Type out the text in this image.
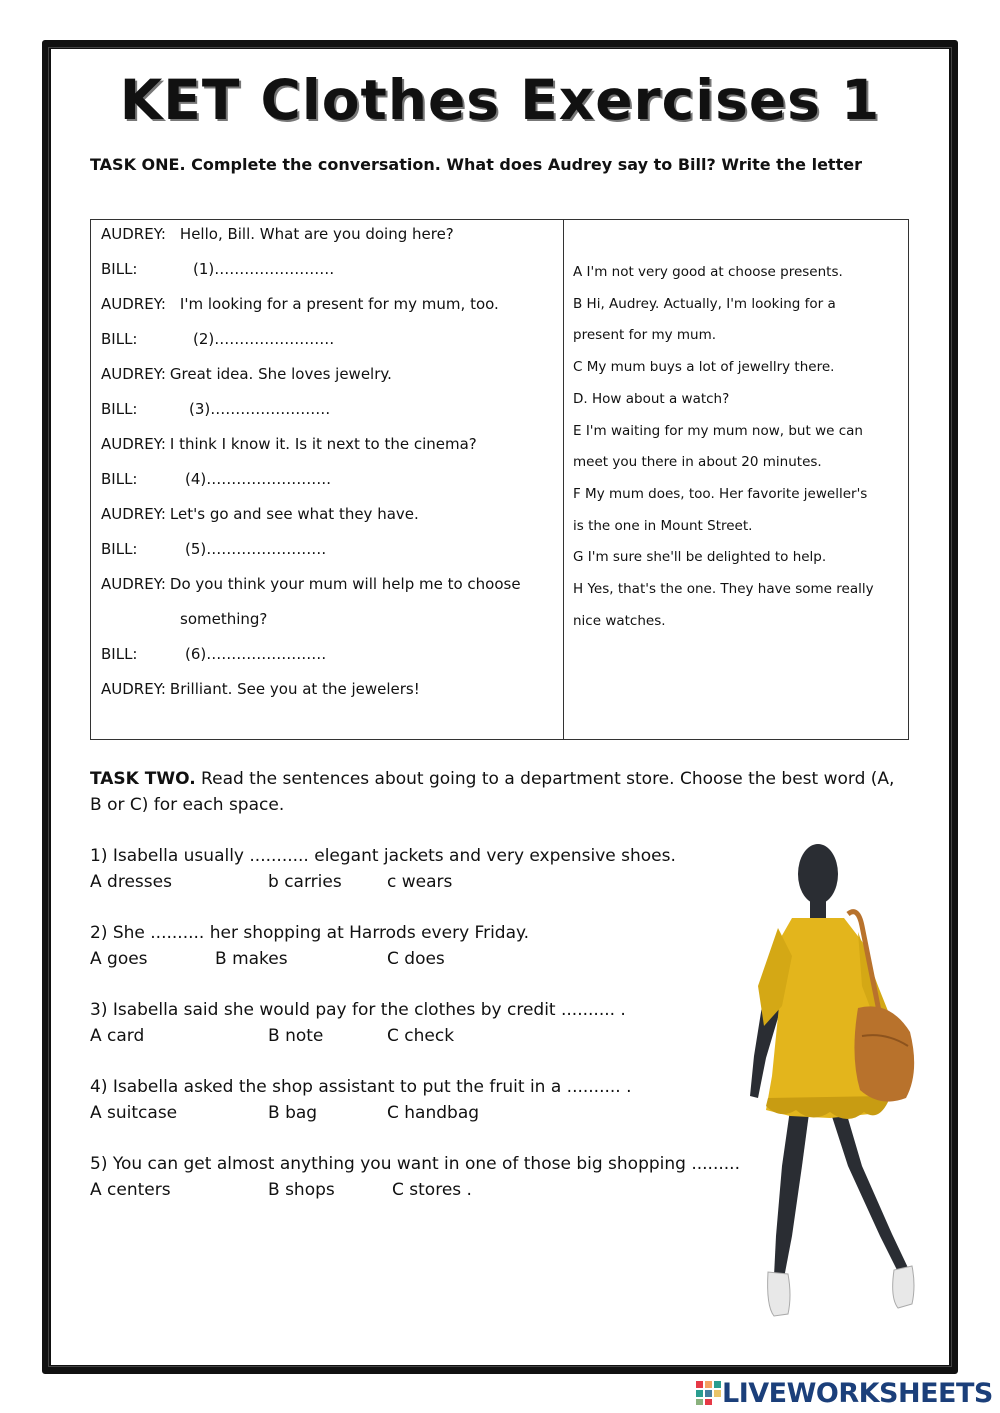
KET Clothes Exercises 1

TASK ONE. Complete the conversation. What does Audrey say to Bill? Write the letter

AUDREY: Hello, Bill. What are you doing here?
BILL:	(1)……………………
AUDREY: I'm looking for a present for my mum, too.
BILL:	(2)……………………
AUDREY: Great idea. She loves jewelry.
BILL:	(3)……………………
AUDREY: I think I know it. Is it next to the cinema?
BILL:	(4)…………………….
AUDREY: Let's go and see what they have.
BILL:	(5)……………………
AUDREY: Do you think your mum will help me to choose
something?
BILL:	(6)……………………
AUDREY: Brilliant. See you at the jewelers!

A I'm not very good at choose presents.

B Hi, Audrey. Actually, I'm looking for a

present for my mum.

C My mum buys a lot of jewellry there.

D. How about a watch?

E I'm waiting for my mum now, but we can

meet you there in about 20 minutes.

F My mum does, too. Her favorite jeweller's

is the one in Mount Street.

G I'm sure she'll be delighted to help.

H Yes, that's the one. They have some really

nice watches.

TASK TWO. Read the sentences about going to a department store. Choose the best word (A, B or C) for each space.

1) Isabella usually ........... elegant jackets and very expensive shoes.

A dresses	b carries	c wears

2) She .......... her shopping at Harrods every Friday.

A goes	B makes	C does

3) Isabella said she would pay for the clothes by credit .......... .

A card	B note	C check

4) Isabella asked the shop assistant to put the fruit in a .......... .

A suitcase	B bag	C handbag

5) You can get almost anything you want in one of those big shopping .........

A centers	B shops	C stores .
LIVEWORKSHEETS
